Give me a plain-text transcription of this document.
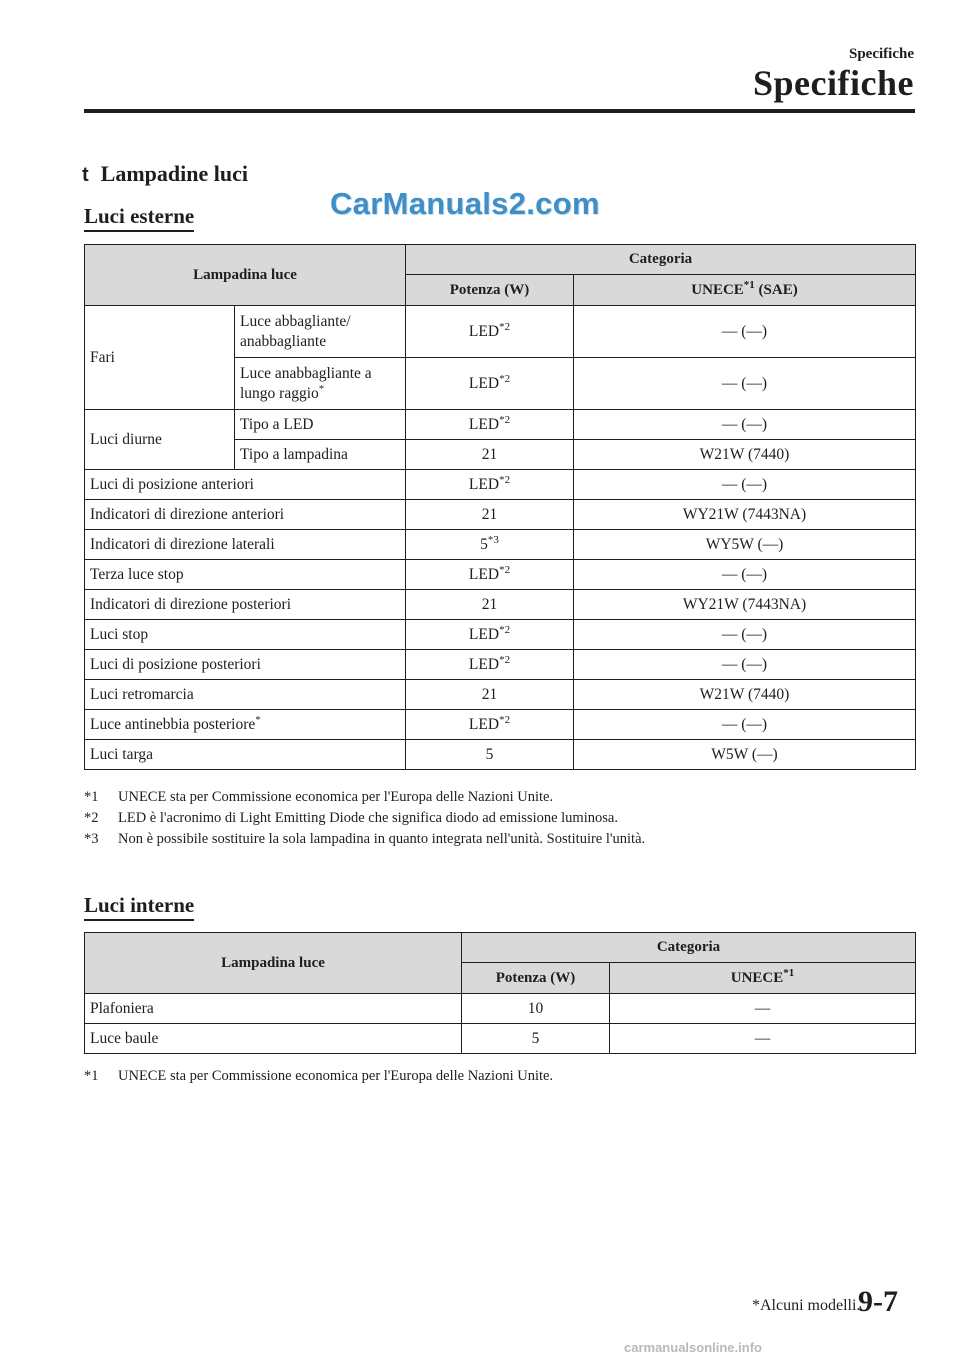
Specifiche
Specifiche
t Lampadine luci
CarManuals2.com
Luci esterne
Lampadina luce		Categoria	
		Potenza (W)	UNECE$^{*1}$ (SAE)
Fari	Luce abbagliante/ anabbagliante	LED$^{*2}$	— (—)
	Luce anabbagliante a lungo raggio*	LED$^{*2}$	— (—)
Luci diurne	Tipo a LED	LED$^{*2}$	— (—)
	Tipo a lampadina	21	W21W (7440)
Luci di posizione anteriori		LED$^{*2}$	— (—)
Indicatori di direzione anteriori		21	WY21W (7443NA)
Indicatori di direzione laterali		5$^{*3}$	WY5W (—)
Terza luce stop		LED$^{*2}$	— (—)
Indicatori di direzione posteriori		21	WY21W (7443NA)
Luci stop		LED$^{*2}$	— (—)
Luci di posizione posteriori		LED$^{*2}$	— (—)
Luci retromarcia		21	W21W (7440)
Luce antinebbia posteriore*		LED$^{*2}$	— (—)
Luci targa		5	W5W (—)
*1	UNECE sta per Commissione economica per l'Europa delle Nazioni Unite.
*2	LED è l'acronimo di Light Emitting Diode che significa diodo ad emissione luminosa.
*3	Non è possibile sostituire la sola lampadina in quanto integrata nell'unità. Sostituire l'unità.
Luci interne
Lampadina luce	Categoria	
	Potenza (W)	UNECE$^{*1}$
Plafoniera	10	—
Luce baule	5	—
*1	UNECE sta per Commissione economica per l'Europa delle Nazioni Unite.
*Alcuni modelli.
9-7
carmanualsonline.info
